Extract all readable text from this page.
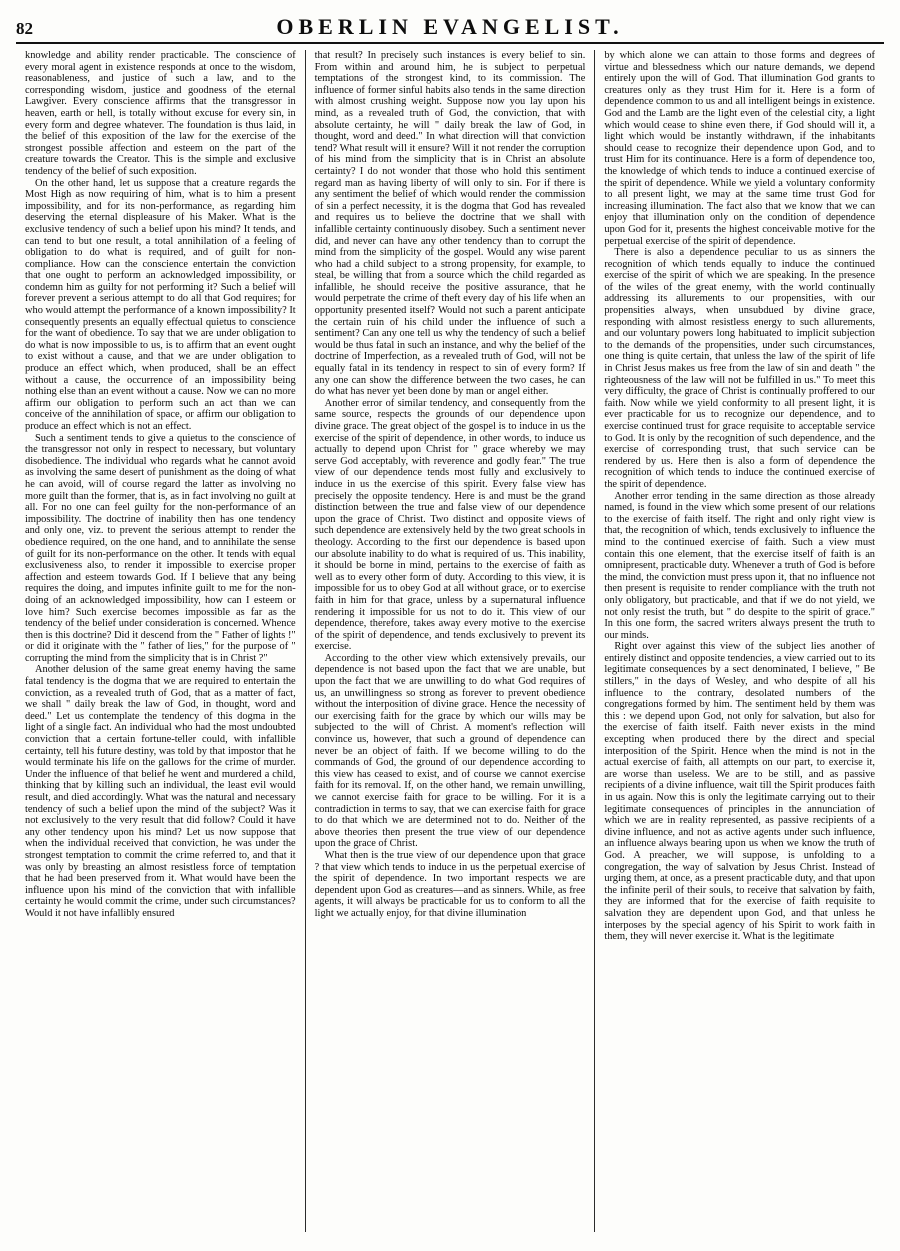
82	OBERLIN EVANGELIST.

knowledge and ability render practicable. The conscience of every moral agent in existence responds at once to the wisdom, reasonableness, and justice of such a law, and to the corresponding wisdom, justice and goodness of the eternal Lawgiver. Every conscience affirms that the transgressor in heaven, earth or hell, is totally without excuse for every sin, in every form and degree whatever. The foundation is thus laid, in the belief of this exposition of the law for the exercise of the strongest possible affection and esteem on the part of the creature towards the Creator. This is the simple and exclusive tendency of the belief of such exposition.

On the other hand, let us suppose that a creature regards the Most High as now requiring of him, what is to him a present impossibility, and for its non-performance, as regarding him deserving the eternal displeasure of his Maker. What is the exclusive tendency of such a belief upon his mind? It tends, and can tend to but one result, a total annihilation of a feeling of obligation to do what is required, and of guilt for non-compliance. How can the conscience entertain the conviction that one ought to perform an acknowledged impossibility, or condemn him as guilty for not performing it? Such a belief will forever prevent a serious attempt to do all that God requires; for who would attempt the performance of a known impossibility? It consequently presents an equally effectual quietus to conscience for the want of obedience. To say that we are under obligation to do what is now impossible to us, is to affirm that an event ought to exist without a cause, and that we are under obligation to produce an effect which, when produced, shall be an effect without a cause, the occurrence of an impossibility being nothing else than an event without a cause. Now we can no more affirm our obligation to perform such an act than we can conceive of the annihilation of space, or affirm our obligation to produce an effect which is not an effect.

Such a sentiment tends to give a quietus to the conscience of the transgressor not only in respect to necessary, but voluntary disobedience. The individual who regards what he cannot avoid as involving the same desert of punishment as the doing of what he can avoid, will of course regard the latter as involving no more guilt than the former, that is, as in fact involving no guilt at all. For no one can feel guilty for the non-performance of an impossibility. The doctrine of inability then has one tendency and only one, viz. to prevent the serious attempt to render the obedience required, on the one hand, and to annihilate the sense of guilt for its non-performance on the other. It tends with equal exclusiveness also, to render it impossible to exercise proper affection and esteem towards God. If I believe that any being requires the doing, and imputes infinite guilt to me for the non-doing of an acknowledged impossibility, how can I esteem or love him? Such exercise becomes impossible as far as the tendency of the belief under consideration is concerned. Whence then is this doctrine? Did it descend from the " Father of lights !" or did it originate with the " father of lies," for the purpose of " corrupting the mind from the simplicity that is in Christ ?"

Another delusion of the same great enemy having the same fatal tendency is the dogma that we are required to entertain the conviction, as a revealed truth of God, that as a matter of fact, we shall " daily break the law of God, in thought, word and deed." Let us contemplate the tendency of this dogma in the light of a single fact. An individual who had the most undoubted conviction that a certain fortune-teller could, with infallible certainty, tell his future destiny, was told by that impostor that he would terminate his life on the gallows for the crime of murder. Under the influence of that belief he went and murdered a child, thinking that by killing such an individual, the least evil would result, and died accordingly. What was the natural and necessary tendency of such a belief upon the mind of the subject? Was it not exclusively to the very result that did follow? Could it have any other tendency upon his mind? Let us now suppose that when the individual received that conviction, he was under the strongest temptation to commit the crime referred to, and that it was only by breasting an almost resistless force of temptation that he had been preserved from it. What would have been the influence upon his mind of the conviction that with infallible certainty he would commit the crime, under such circumstances? Would it not have infallibly ensured

that result? In precisely such instances is every belief to sin. From within and around him, he is subject to perpetual temptations of the strongest kind, to its commission. The influence of former sinful habits also tends in the same direction with almost crushing weight. Suppose now you lay upon his mind, as a revealed truth of God, the conviction, that with absolute certainty, he will " daily break the law of God, in thought, word and deed." In what direction will that conviction tend? What result will it ensure? Will it not render the corruption of his mind from the simplicity that is in Christ an absolute certainty? I do not wonder that those who hold this sentiment regard man as having liberty of will only to sin. For if there is any sentiment the belief of which would render the commission of sin a perfect necessity, it is the dogma that God has revealed and requires us to believe the doctrine that we shall with infallible certainty continuously disobey. Such a sentiment never did, and never can have any other tendency than to corrupt the mind from the simplicity of the gospel. Would any wise parent who had a child subject to a strong propensity, for example, to steal, be willing that from a source which the child regarded as infallible, he should receive the positive assurance, that he would perpetrate the crime of theft every day of his life when an opportunity presented itself? Would not such a parent anticipate the certain ruin of his child under the influence of such a sentiment? Can any one tell us why the tendency of such a belief would be thus fatal in such an instance, and why the belief of the doctrine of Imperfection, as a revealed truth of God, will not be equally fatal in its tendency in respect to sin of every form? If any one can show the difference between the two cases, he can do what has never yet been done by man or angel either.

Another error of similar tendency, and consequently from the same source, respects the grounds of our dependence upon divine grace. The great object of the gospel is to induce in us the exercise of the spirit of dependence, in other words, to induce us actually to depend upon Christ for " grace whereby we may serve God acceptably, with reverence and godly fear." The true view of our dependence tends most fully and exclusively to induce in us the exercise of this spirit. Every false view has precisely the opposite tendency. Here is and must be the grand distinction between the true and false view of our dependence upon the grace of Christ. Two distinct and opposite views of such dependence are extensively held by the two great schools in theology. According to the first our dependence is based upon our absolute inability to do what is required of us. This inability, it should be borne in mind, pertains to the exercise of faith as well as to every other form of duty. According to this view, it is impossible for us to obey God at all without grace, or to exercise faith in him for that grace, unless by a supernatural influence rendering it impossible for us not to do it. This view of our dependence, therefore, takes away every motive to the exercise of the spirit of dependence, and tends exclusively to prevent its exercise.

According to the other view which extensively prevails, our dependence is not based upon the fact that we are unable, but upon the fact that we are unwilling to do what God requires of us, an unwillingness so strong as forever to prevent obedience without the interposition of divine grace. Hence the necessity of our exercising faith for the grace by which our wills may be subjected to the will of Christ. A moment's reflection will convince us, however, that such a ground of dependence can never be an object of faith. If we become willing to do the commands of God, the ground of our dependence according to this view has ceased to exist, and of course we cannot exercise faith for its removal. If, on the other hand, we remain unwilling, we cannot exercise faith for grace to be willing. For it is a contradiction in terms to say, that we can exercise faith for grace to do that which we are determined not to do. Neither of the above theories then present the true view of our dependence upon the grace of Christ.

What then is the true view of our dependence upon that grace ? that view which tends to induce in us the perpetual exercise of the spirit of dependence. In two important respects we are dependent upon God as creatures—and as sinners. While, as free agents, it will always be practicable for us to conform to all the light we actually enjoy, for that divine illumination

by which alone we can attain to those forms and degrees of virtue and blessedness which our nature demands, we depend entirely upon the will of God. That illumination God grants to creatures only as they trust Him for it. Here is a form of dependence common to us and all intelligent beings in existence. God and the Lamb are the light even of the celestial city, a light which would cease to shine even there, if God should will it, a light which would be instantly withdrawn, if the inhabitants should cease to recognize their dependence upon God, and to trust Him for its continuance. Here is a form of dependence too, the knowledge of which tends to induce a continued exercise of the spirit of dependence. While we yield a voluntary conformity to all present light, we may at the same time trust God for increasing illumination. The fact also that we know that we can enjoy that illumination only on the condition of dependence upon God for it, presents the highest conceivable motive for the perpetual exercise of the spirit of dependence.

There is also a dependence peculiar to us as sinners the recognition of which tends equally to induce the continued exercise of the spirit of which we are speaking. In the presence of the wiles of the great enemy, with the world continually addressing its allurements to our propensities, with our propensities always, when unsubdued by divine grace, responding with almost resistless energy to such allurements, and our voluntary powers long habituated to implicit subjection to the demands of the propensities, under such circumstances, one thing is quite certain, that unless the law of the spirit of life in Christ Jesus makes us free from the law of sin and death " the righteousness of the law will not be fulfilled in us." To meet this very difficulty, the grace of Christ is continually proffered to our faith. Now while we yield conformity to all present light, it is ever practicable for us to recognize our dependence, and to exercise continued trust for grace requisite to acceptable service to God. It is only by the recognition of such dependence, and the exercise of corresponding trust, that such service can be rendered by us. Here then is also a form of dependence the recognition of which tends to induce the continued exercise of the spirit of dependence.

Another error tending in the same direction as those already named, is found in the view which some present of our relations to the exercise of faith itself. The right and only right view is that, the recognition of which, tends exclusively to influence the mind to the continued exercise of faith. Such a view must contain this one element, that the exercise itself of faith is an omnipresent, practicable duty. Whenever a truth of God is before the mind, the conviction must press upon it, that no influence not then present is requisite to render compliance with the truth not only obligatory, but practicable, and that if we do not yield, we not only resist the truth, but " do despite to the spirit of grace." In this one form, the sacred writers always present the truth to our minds.

Right over against this view of the subject lies another of entirely distinct and opposite tendencies, a view carried out to its legitimate consequences by a sect denominated, I believe, " Be stillers," in the days of Wesley, and who despite of all his influence to the contrary, desolated numbers of the congregations formed by him. The sentiment held by them was this : we depend upon God, not only for salvation, but also for the exercise of faith itself. Faith never exists in the mind excepting when produced there by the direct and special interposition of the Spirit. Hence when the mind is not in the actual exercise of faith, all attempts on our part, to exercise it, are worse than useless. We are to be still, and as passive recipients of a divine influence, wait till the Spirit produces faith in us again. Now this is only the legitimate carrying out to their legitimate consequences of principles in the annunciation of which we are in reality represented, as passive recipients of a divine influence, and not as active agents under such influence, an influence always bearing upon us when we know the truth of God. A preacher, we will suppose, is unfolding to a congregation, the way of salvation by Jesus Christ. Instead of urging them, at once, as a present practicable duty, and that upon the infinite peril of their souls, to receive that salvation by faith, they are informed that for the exercise of faith requisite to salvation they are dependent upon God, and that unless he interposes by the special agency of his Spirit to work faith in them, they will never exercise it. What is the legitimate
